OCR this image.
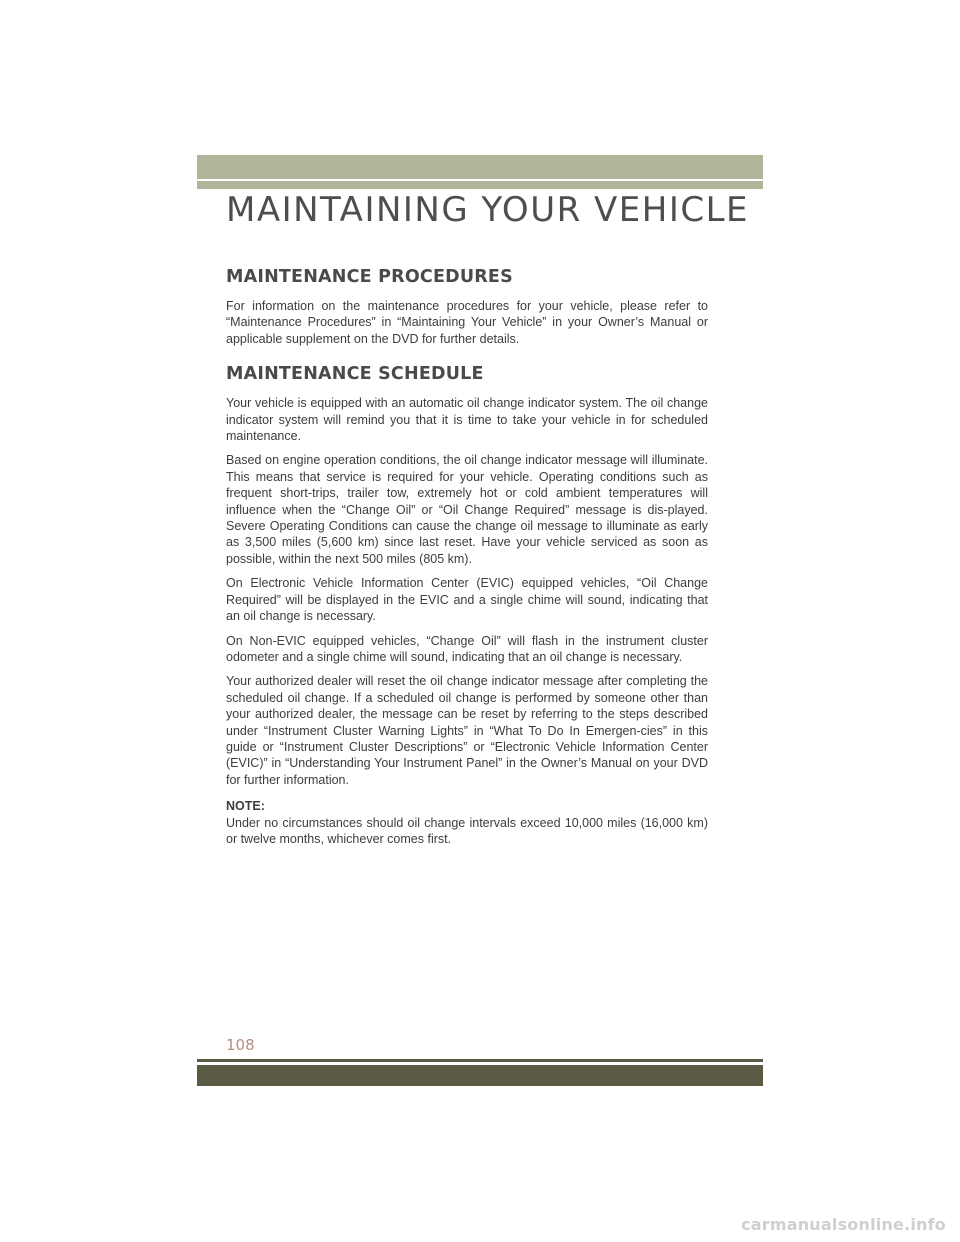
MAINTAINING YOUR VEHICLE
MAINTENANCE PROCEDURES

For information on the maintenance procedures for your vehicle, please refer to “Maintenance Procedures” in “Maintaining Your Vehicle” in your Owner’s Manual or applicable supplement on the DVD for further details.

MAINTENANCE SCHEDULE

Your vehicle is equipped with an automatic oil change indicator system. The oil change indicator system will remind you that it is time to take your vehicle in for scheduled maintenance.

Based on engine operation conditions, the oil change indicator message will illuminate. This means that service is required for your vehicle. Operating conditions such as frequent short-trips, trailer tow, extremely hot or cold ambient temperatures will influence when the “Change Oil” or “Oil Change Required” message is dis-played. Severe Operating Conditions can cause the change oil message to illuminate as early as 3,500 miles (5,600 km) since last reset. Have your vehicle serviced as soon as possible, within the next 500 miles (805 km).

On Electronic Vehicle Information Center (EVIC) equipped vehicles, “Oil Change Required” will be displayed in the EVIC and a single chime will sound, indicating that an oil change is necessary.

On Non-EVIC equipped vehicles, “Change Oil” will flash in the instrument cluster odometer and a single chime will sound, indicating that an oil change is necessary.

Your authorized dealer will reset the oil change indicator message after completing the scheduled oil change. If a scheduled oil change is performed by someone other than your authorized dealer, the message can be reset by referring to the steps described under “Instrument Cluster Warning Lights” in “What To Do In Emergen-cies” in this guide or “Instrument Cluster Descriptions” or “Electronic Vehicle Information Center (EVIC)” in “Understanding Your Instrument Panel” in the Owner’s Manual on your DVD for further information.

NOTE:

Under no circumstances should oil change intervals exceed 10,000 miles (16,000 km) or twelve months, whichever comes first.

108

carmanualsonline.info
